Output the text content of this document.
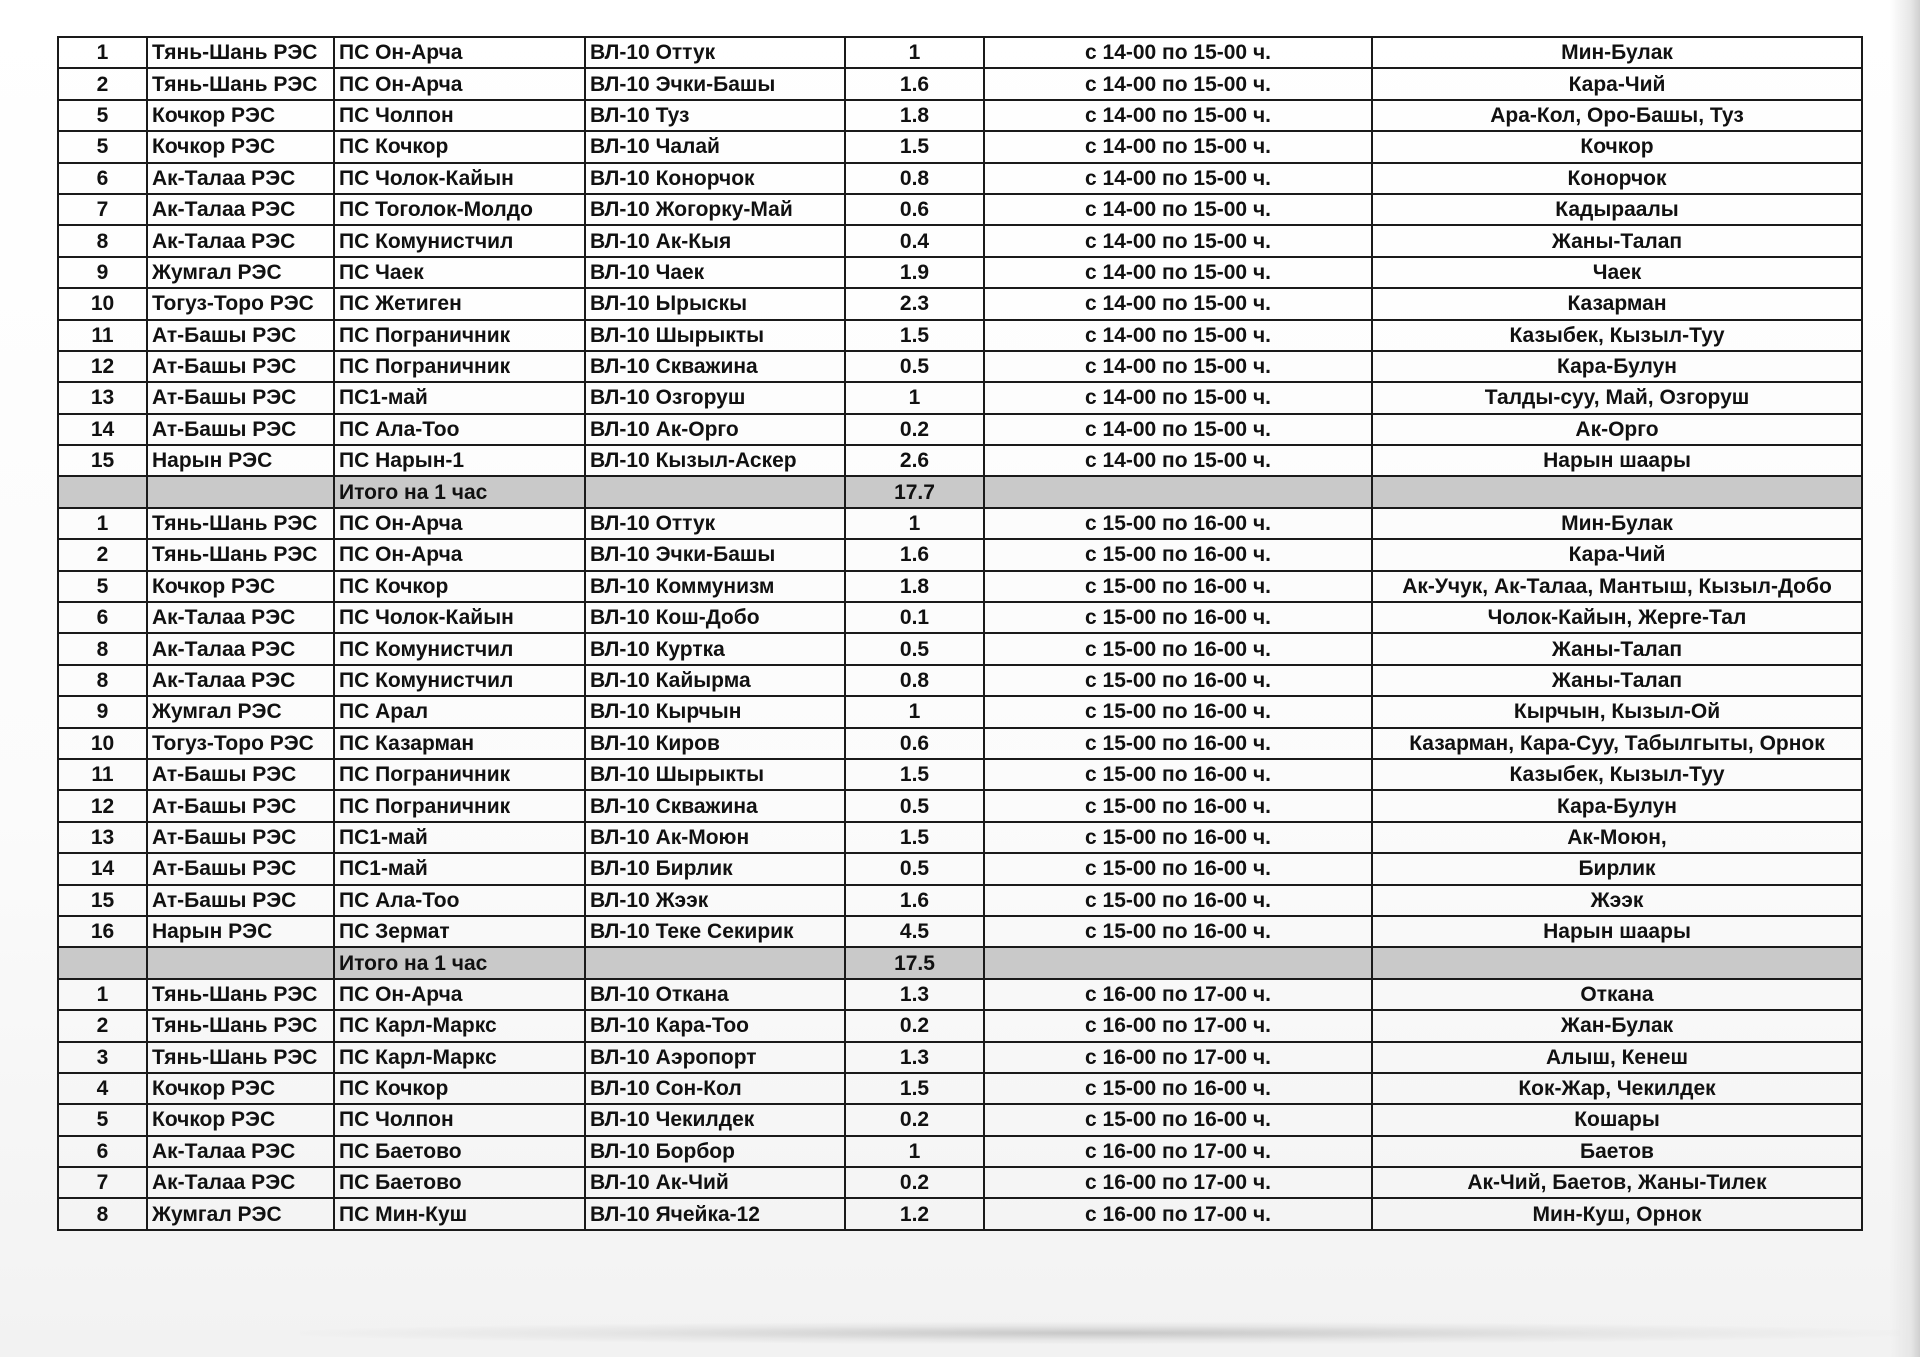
1	Тянь-Шань РЭС	ПС Он-Арча	ВЛ-10 Оттук	1	с 14-00 по 15-00 ч.	Мин-Булак
2	Тянь-Шань РЭС	ПС Он-Арча	ВЛ-10 Эчки-Башы	1.6	с 14-00 по 15-00 ч.	Кара-Чий
5	Кочкор РЭС	ПС Чолпон	ВЛ-10 Туз	1.8	с 14-00 по 15-00 ч.	Ара-Кол, Оро-Башы, Туз
5	Кочкор РЭС	ПС Кочкор	ВЛ-10 Чалай	1.5	с 14-00 по 15-00 ч.	Кочкор
6	Ак-Талаа РЭС	ПС Чолок-Кайын	ВЛ-10 Конорчок	0.8	с 14-00 по 15-00 ч.	Конорчок
7	Ак-Талаа РЭС	ПС Тоголок-Молдо	ВЛ-10 Жогорку-Май	0.6	с 14-00 по 15-00 ч.	Кадыраалы
8	Ак-Талаа РЭС	ПС Комунистчил	ВЛ-10 Ак-Кыя	0.4	с 14-00 по 15-00 ч.	Жаны-Талап
9	Жумгал РЭС	ПС Чаек	ВЛ-10 Чаек	1.9	с 14-00 по 15-00 ч.	Чаек
10	Тогуз-Торо РЭС	ПС Жетиген	ВЛ-10 Ырыскы	2.3	с 14-00 по 15-00 ч.	Казарман
11	Ат-Башы РЭС	ПС Пограничник	ВЛ-10 Шырыкты	1.5	с 14-00 по 15-00 ч.	Казыбек, Кызыл-Туу
12	Ат-Башы РЭС	ПС Пограничник	ВЛ-10 Скважина	0.5	с 14-00 по 15-00 ч.	Кара-Булун
13	Ат-Башы РЭС	ПС1-май	ВЛ-10 Озгоруш	1	с 14-00 по 15-00 ч.	Талды-суу, Май, Озгоруш
14	Ат-Башы РЭС	ПС Ала-Тоо	ВЛ-10 Ак-Орго	0.2	с 14-00 по 15-00 ч.	Ак-Орго
15	Нарын РЭС	ПС Нарын-1	ВЛ-10 Кызыл-Аскер	2.6	с 14-00 по 15-00 ч.	Нарын шаары
		Итого на 1 час		17.7		
1	Тянь-Шань РЭС	ПС Он-Арча	ВЛ-10 Оттук	1	с 15-00 по 16-00 ч.	Мин-Булак
2	Тянь-Шань РЭС	ПС Он-Арча	ВЛ-10 Эчки-Башы	1.6	с 15-00 по 16-00 ч.	Кара-Чий
5	Кочкор РЭС	ПС Кочкор	ВЛ-10 Коммунизм	1.8	с 15-00 по 16-00 ч.	Ак-Учук, Ак-Талаа, Мантыш, Кызыл-Добо
6	Ак-Талаа РЭС	ПС Чолок-Кайын	ВЛ-10 Кош-Добо	0.1	с 15-00 по 16-00 ч.	Чолок-Кайын, Жерге-Тал
8	Ак-Талаа РЭС	ПС Комунистчил	ВЛ-10 Куртка	0.5	с 15-00 по 16-00 ч.	Жаны-Талап
8	Ак-Талаа РЭС	ПС Комунистчил	ВЛ-10 Кайырма	0.8	с 15-00 по 16-00 ч.	Жаны-Талап
9	Жумгал РЭС	ПС Арал	ВЛ-10 Кырчын	1	с 15-00 по 16-00 ч.	Кырчын, Кызыл-Ой
10	Тогуз-Торо РЭС	ПС Казарман	ВЛ-10 Киров	0.6	с 15-00 по 16-00 ч.	Казарман, Кара-Суу, Табылгыты, Орнок
11	Ат-Башы РЭС	ПС Пограничник	ВЛ-10 Шырыкты	1.5	с 15-00 по 16-00 ч.	Казыбек, Кызыл-Туу
12	Ат-Башы РЭС	ПС Пограничник	ВЛ-10 Скважина	0.5	с 15-00 по 16-00 ч.	Кара-Булун
13	Ат-Башы РЭС	ПС1-май	ВЛ-10 Ак-Моюн	1.5	с 15-00 по 16-00 ч.	Ак-Моюн,
14	Ат-Башы РЭС	ПС1-май	ВЛ-10 Бирлик	0.5	с 15-00 по 16-00 ч.	Бирлик
15	Ат-Башы РЭС	ПС Ала-Тоо	ВЛ-10 Жээк	1.6	с 15-00 по 16-00 ч.	Жээк
16	Нарын РЭС	ПС Зермат	ВЛ-10 Теке Секирик	4.5	с 15-00 по 16-00 ч.	Нарын шаары
		Итого на 1 час		17.5		
1	Тянь-Шань РЭС	ПС Он-Арча	ВЛ-10 Откана	1.3	с 16-00 по 17-00 ч.	Откана
2	Тянь-Шань РЭС	ПС Карл-Маркс	ВЛ-10 Кара-Тоо	0.2	с 16-00 по 17-00 ч.	Жан-Булак
3	Тянь-Шань РЭС	ПС Карл-Маркс	ВЛ-10 Аэропорт	1.3	с 16-00 по 17-00 ч.	Алыш, Кенеш
4	Кочкор РЭС	ПС Кочкор	ВЛ-10 Сон-Кол	1.5	с 15-00 по 16-00 ч.	Кок-Жар, Чекилдек
5	Кочкор РЭС	ПС Чолпон	ВЛ-10 Чекилдек	0.2	с 15-00 по 16-00 ч.	Кошары
6	Ак-Талаа РЭС	ПС Баетово	ВЛ-10 Борбор	1	с 16-00 по 17-00 ч.	Баетов
7	Ак-Талаа РЭС	ПС Баетово	ВЛ-10 Ак-Чий	0.2	с 16-00 по 17-00 ч.	Ак-Чий, Баетов, Жаны-Тилек
8	Жумгал РЭС	ПС Мин-Куш	ВЛ-10 Ячейка-12	1.2	с 16-00 по 17-00 ч.	Мин-Куш, Орнок
